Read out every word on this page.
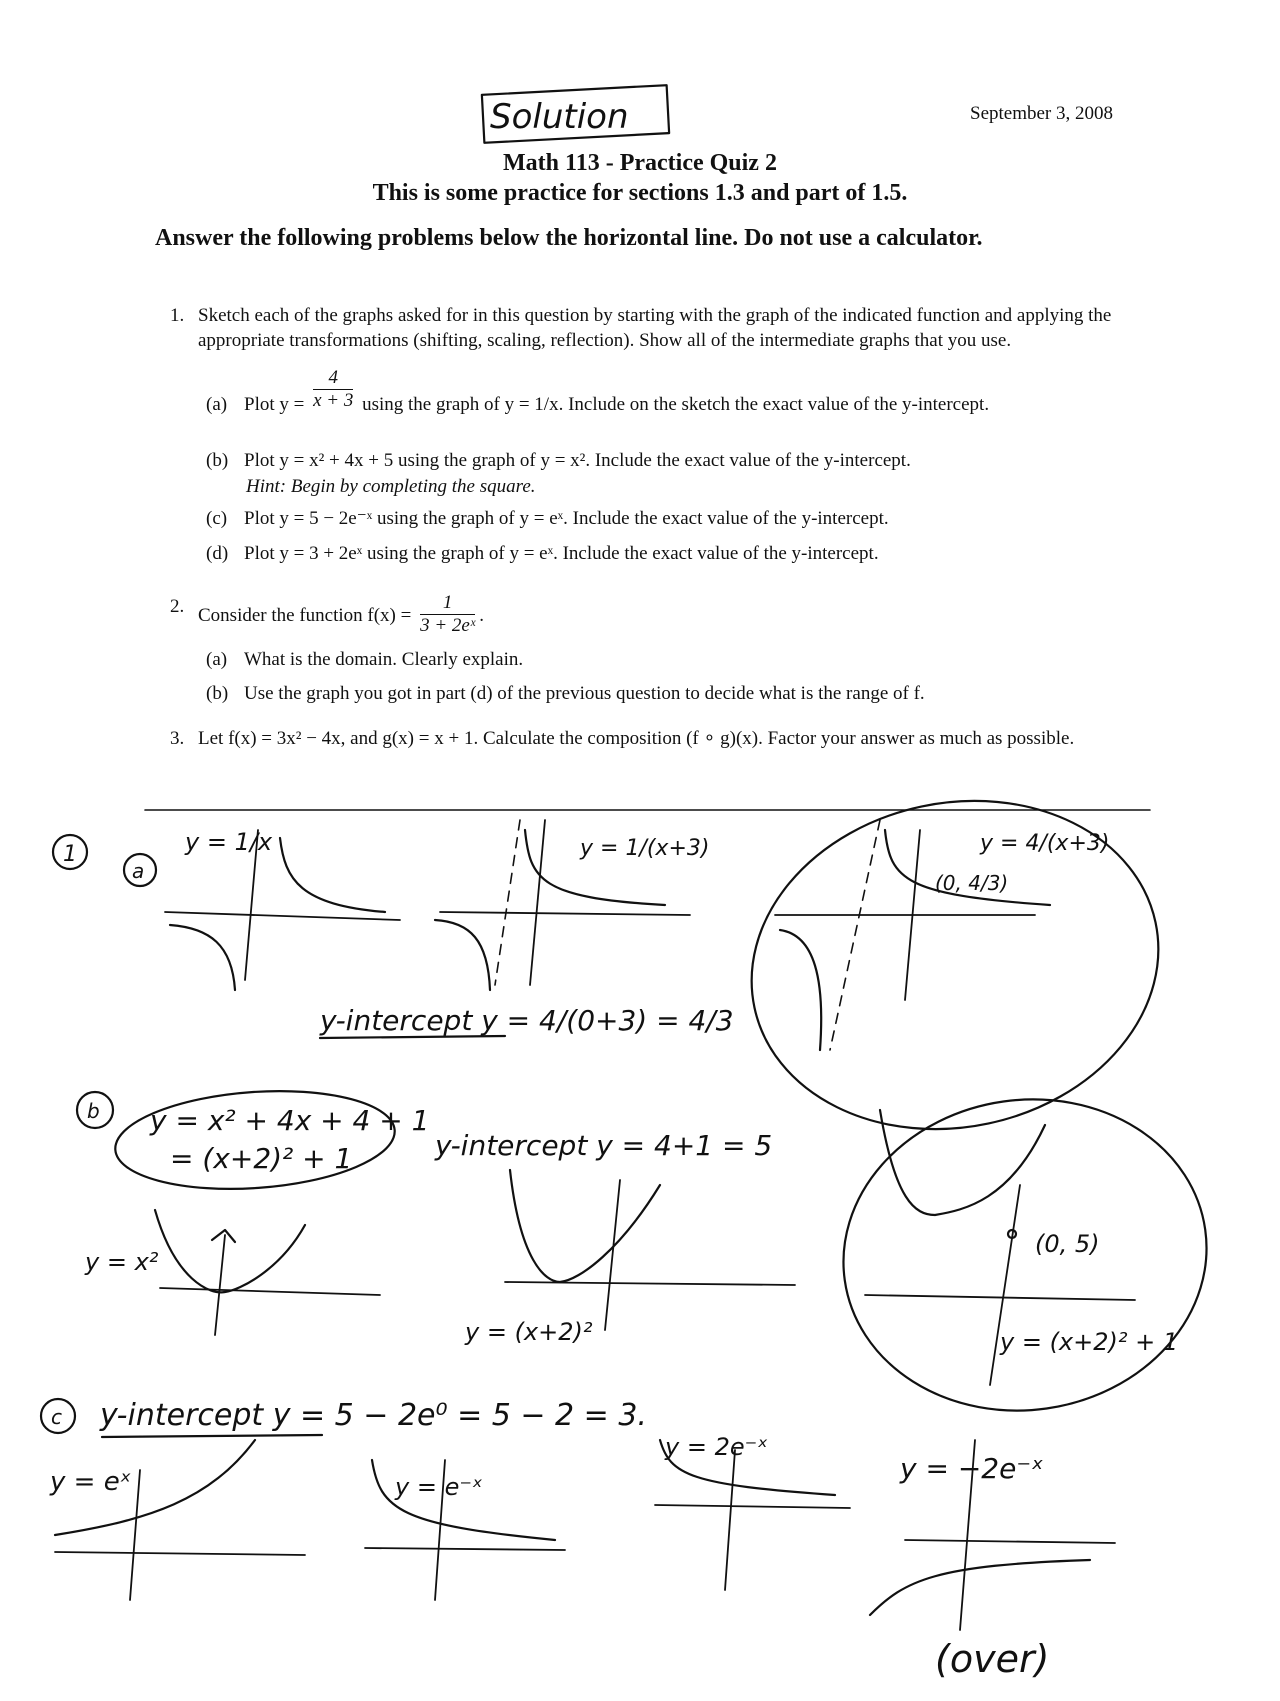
September 3, 2008
Math 113 - Practice Quiz 2
This is some practice for sections 1.3 and part of 1.5.
Answer the following problems below the horizontal line. Do not use a calculator.
1. Sketch each of the graphs asked for in this question by starting with the graph of the indicated function and applying the appropriate transformations (shifting, scaling, reflection). Show all of the intermediate graphs that you use.
(a) Plot $y = \frac{4}{x + 3}$ using the graph of y = 1/x. Include on the sketch the exact value of the y-intercept.
(b) Plot y = x² + 4x + 5 using the graph of y = x². Include the exact value of the y-intercept.
Hint: Begin by completing the square.
(c) Plot y = 5 − 2e⁻ˣ using the graph of y = eˣ. Include the exact value of the y-intercept.
(d) Plot y = 3 + 2eˣ using the graph of y = eˣ. Include the exact value of the y-intercept.
2. Consider the function $f(x) = \frac{1}{\text{3 + 2eˣ}}$ .
(a) What is the domain. Clearly explain.
(b) Use the graph you got in part (d) of the previous question to decide what is the range of f.
3. Let f(x) = 3x² − 4x, and g(x) = x + 1. Calculate the composition (f ∘ g)(x). Factor your answer as much as possible.
Solution
1
a
y = 1/x	y = 1/(x+3)	y = 4/(x+3)
(0, 4/3)
y-intercept y = 4/(0+3) = 4/3
b y = x² + 4x + 4 + 1
= (x+2)² + 1	y-intercept y = 4+1 = 5
y = x²
y = (x+2)²
(0, 5)
y = (x+2)² + 1
c y-intercept y = 5 − 2e⁰ = 5 − 2 = 3.
y = eˣ	y = e⁻ˣ
y = 2e⁻ˣ
y = −2e⁻ˣ
(over)
